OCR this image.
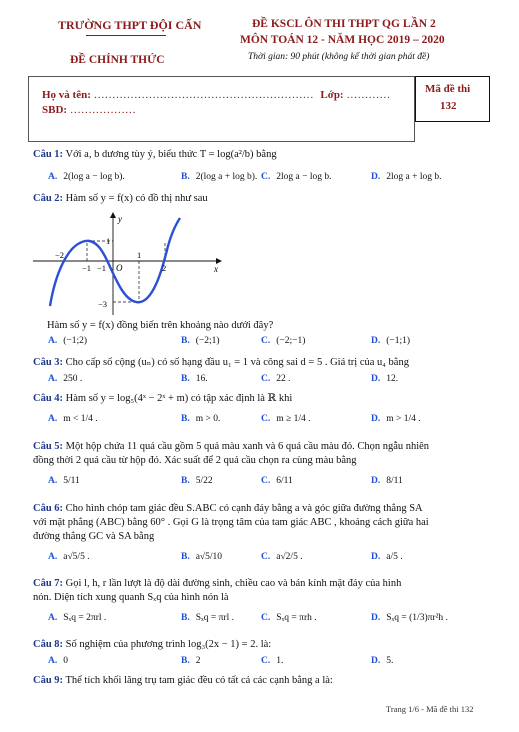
TRƯỜNG THPT ĐỘI CẤN
ĐỀ CHÍNH THỨC
ĐỀ KSCL ÔN THI THPT QG LẦN 2
MÔN TOÁN 12 - NĂM HỌC 2019 – 2020
Thời gian: 90 phút (không kể thời gian phát đề)
Họ và tên: …………………………………………………… Lớp: …………
SBD: ………………
Mã đề thi
132
Câu 1: Với a, b dương tùy ý, biểu thức T = log(a²/b) bằng
A. 2(log a − log b).	B. 2(log a + log b). C. 2log a − log b.	D. 2log a + log b.
Câu 2: Hàm số y = f(x) có đồ thị như sau
y
x
O
1
−1
−3
−2
−1
1
2
Hàm số y = f(x) đồng biến trên khoảng nào dưới đây?
A. (−1;2)	B. (−2;1)	C. (−2;−1)	D. (−1;1)
Câu 3: Cho cấp số cộng (uₙ) có số hạng đầu u₁ = 1 và công sai d = 5 . Giá trị của u₄ bằng
A. 250 .	B. 16.	C. 22 .	D. 12.
Câu 4: Hàm số y = log₅(4ˣ − 2ˣ + m) có tập xác định là ℝ khi
A. m < 1/4 .	B. m > 0.	C. m ≥ 1/4 .	D. m > 1/4 .
Câu 5: Một hộp chứa 11 quả cầu gồm 5 quả màu xanh và 6 quả cầu màu đỏ. Chọn ngẫu nhiên
đồng thời 2 quả cầu từ hộp đó. Xác suất để 2 quả cầu chọn ra cùng màu bằng
A. 5/11	B. 5/22	C. 6/11	D. 8/11
Câu 6: Cho hình chóp tam giác đều S.ABC có cạnh đáy bằng a và góc giữa đường thẳng SA
với mặt phẳng (ABC) bằng 60° . Gọi G là trọng tâm của tam giác ABC , khoảng cách giữa hai
đường thẳng GC và SA bằng
A. a√5/5 .	B. a√5/10	C. a√2/5 .	D. a/5 .
Câu 7: Gọi l, h, r lần lượt là độ dài đường sinh, chiều cao và bán kính mặt đáy của hình
nón. Diện tích xung quanh Sₓq của hình nón là
A. Sₓq = 2πrl .	B. Sₓq = πrl .	C. Sₓq = πrh .	D. Sₓq = (1/3)πr²h .
Câu 8: Số nghiệm của phương trình log₃(2x − 1) = 2. là:
A. 0	B. 2	C. 1.	D. 5.
Câu 9: Thể tích khối lăng trụ tam giác đều có tất cả các cạnh bằng a là:
Trang 1/6 - Mã đề thi 132
